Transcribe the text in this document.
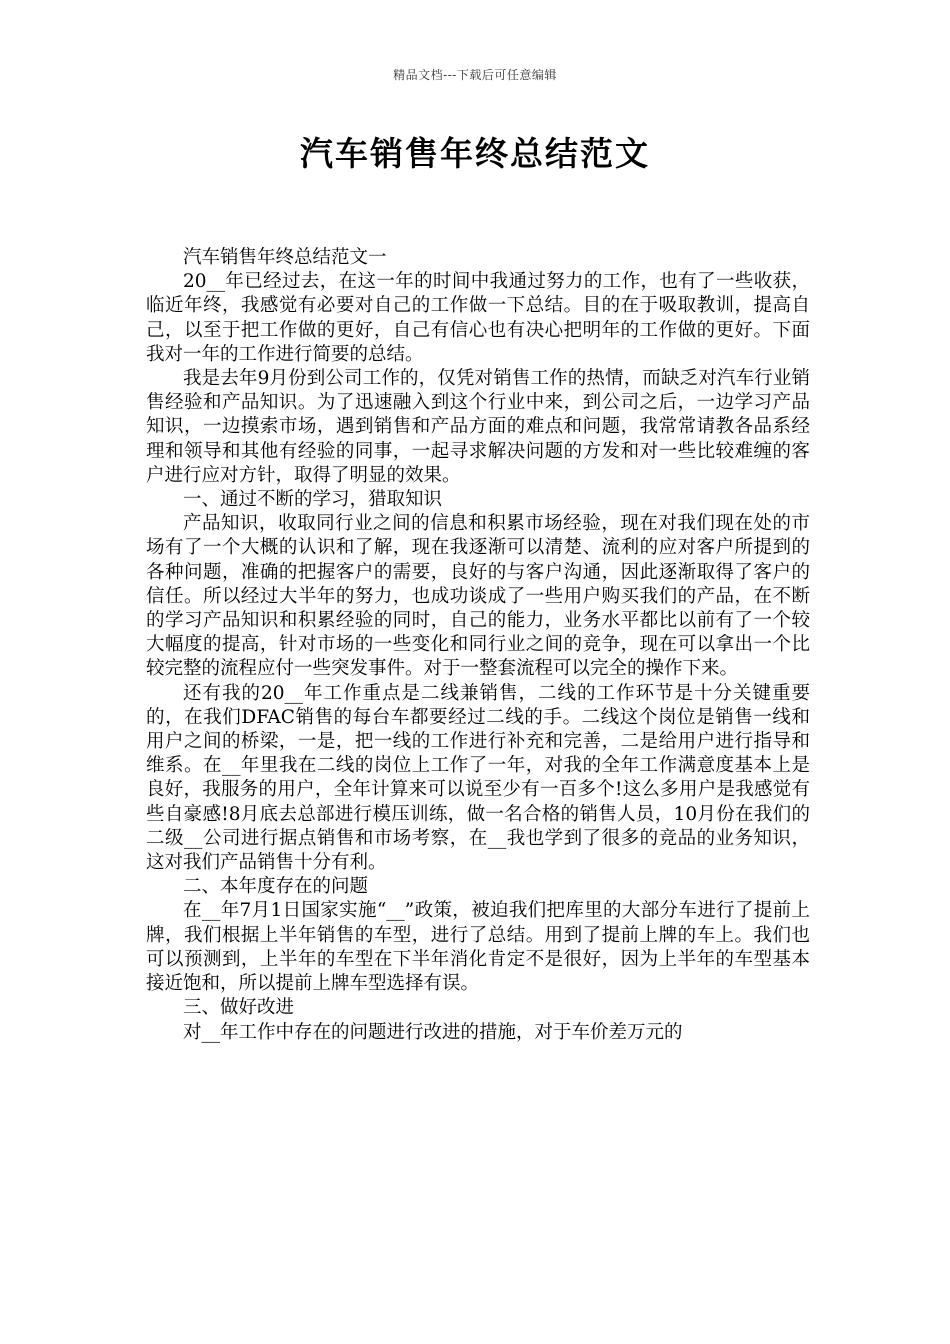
精品文档---下载后可任意编辑
汽车销售年终总结范文

汽车销售年终总结范文一

20__年已经过去，在这一年的时间中我通过努力的工作，也有了一些收获，临近年终，我感觉有必要对自己的工作做一下总结。目的在于吸取教训，提高自己，以至于把工作做的更好，自己有信心也有决心把明年的工作做的更好。下面我对一年的工作进行简要的总结。

我是去年9月份到公司工作的，仅凭对销售工作的热情，而缺乏对汽车行业销售经验和产品知识。为了迅速融入到这个行业中来，到公司之后，一边学习产品知识，一边摸索市场，遇到销售和产品方面的难点和问题，我常常请教各品系经理和领导和其他有经验的同事，一起寻求解决问题的方发和对一些比较难缠的客户进行应对方针，取得了明显的效果。

一、通过不断的学习，猎取知识

产品知识，收取同行业之间的信息和积累市场经验，现在对我们现在处的市场有了一个大概的认识和了解，现在我逐渐可以清楚、流利的应对客户所提到的各种问题，准确的把握客户的需要，良好的与客户沟通，因此逐渐取得了客户的信任。所以经过大半年的努力，也成功谈成了一些用户购买我们的产品，在不断的学习产品知识和积累经验的同时，自己的能力，业务水平都比以前有了一个较大幅度的提高，针对市场的一些变化和同行业之间的竞争，现在可以拿出一个比较完整的流程应付一些突发事件。对于一整套流程可以完全的操作下来。

还有我的20__年工作重点是二线兼销售，二线的工作环节是十分关键重要的，在我们DFAC销售的每台车都要经过二线的手。二线这个岗位是销售一线和用户之间的桥梁，一是，把一线的工作进行补充和完善，二是给用户进行指导和维系。在__年里我在二线的岗位上工作了一年，对我的全年工作满意度基本上是良好，我服务的用户，全年计算来可以说至少有一百多个!这么多用户是我感觉有些自豪感!8月底去总部进行模压训练，做一名合格的销售人员，10月份在我们的二级__公司进行据点销售和市场考察，在__我也学到了很多的竞品的业务知识，这对我们产品销售十分有利。

二、本年度存在的问题

在__年7月1日国家实施“__”政策，被迫我们把库里的大部分车进行了提前上牌，我们根据上半年销售的车型，进行了总结。用到了提前上牌的车上。我们也可以预测到，上半年的车型在下半年消化肯定不是很好，因为上半年的车型基本接近饱和，所以提前上牌车型选择有误。

三、做好改进

对__年工作中存在的问题进行改进的措施，对于车价差万元的
